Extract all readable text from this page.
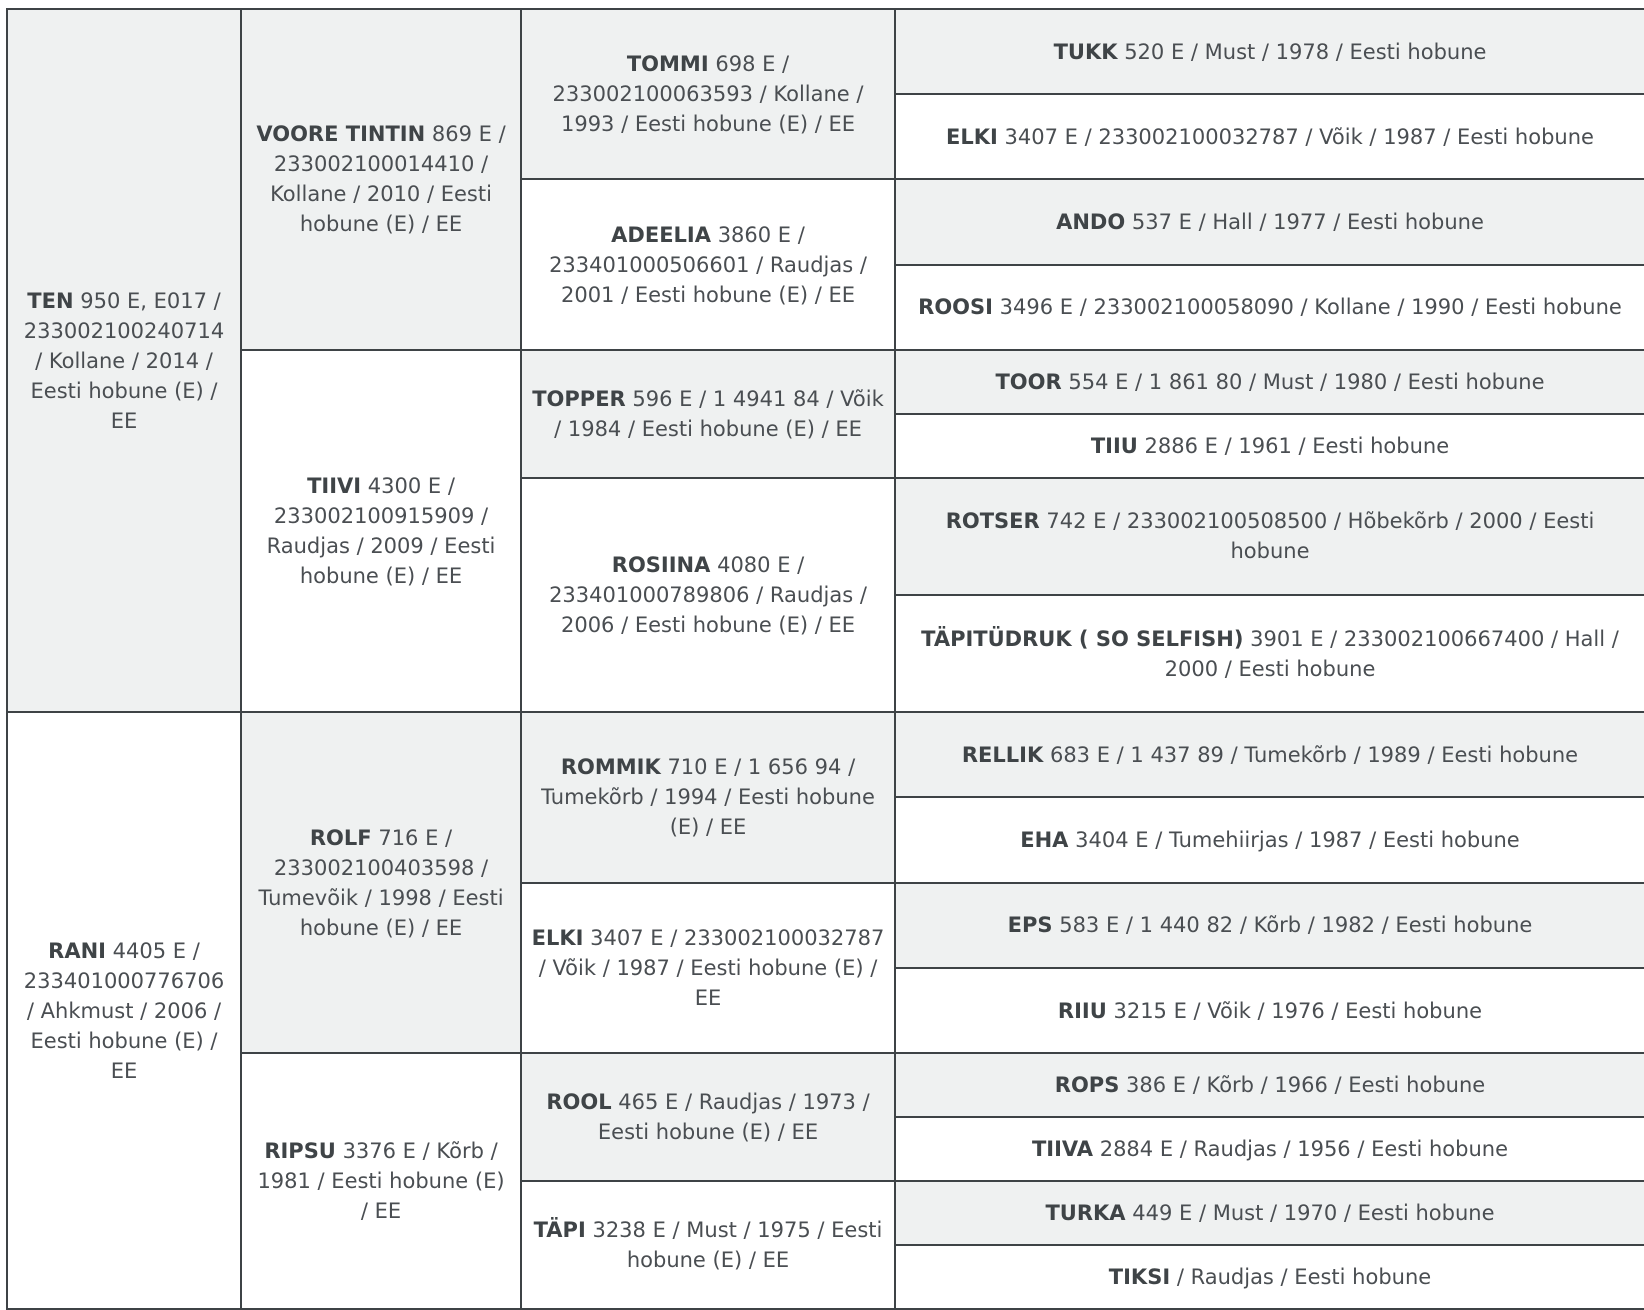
TEN 950 E, E017 / 233002100240714 / Kollane / 2014 / Eesti hobune (E) / EE	VOORE TINTIN 869 E / 233002100014410 / Kollane / 2010 / Eesti hobune (E) / EE	TOMMI 698 E / 233002100063593 / Kollane / 1993 / Eesti hobune (E) / EE	TUKK 520 E / Must / 1978 / Eesti hobune
			ELKI 3407 E / 233002100032787 / Võik / 1987 / Eesti hobune
		ADEELIA 3860 E / 233401000506601 / Raudjas / 2001 / Eesti hobune (E) / EE	ANDO 537 E / Hall / 1977 / Eesti hobune
			ROOSI 3496 E / 233002100058090 / Kollane / 1990 / Eesti hobune
	TIIVI 4300 E / 233002100915909 / Raudjas / 2009 / Eesti hobune (E) / EE	TOPPER 596 E / 1 4941 84 / Võik / 1984 / Eesti hobune (E) / EE	TOOR 554 E / 1 861 80 / Must / 1980 / Eesti hobune
			TIIU 2886 E / 1961 / Eesti hobune
		ROSIINA 4080 E / 233401000789806 / Raudjas / 2006 / Eesti hobune (E) / EE	ROTSER 742 E / 233002100508500 / Hõbekõrb / 2000 / Eesti hobune
			TÄPITÜDRUK ( SO SELFISH) 3901 E / 233002100667400 / Hall / 2000 / Eesti hobune
RANI 4405 E / 233401000776706 / Ahkmust / 2006 / Eesti hobune (E) / EE	ROLF 716 E / 233002100403598 / Tumevõik / 1998 / Eesti hobune (E) / EE	ROMMIK 710 E / 1 656 94 / Tumekõrb / 1994 / Eesti hobune (E) / EE	RELLIK 683 E / 1 437 89 / Tumekõrb / 1989 / Eesti hobune
			EHA 3404 E / Tumehiirjas / 1987 / Eesti hobune
		ELKI 3407 E / 233002100032787 / Võik / 1987 / Eesti hobune (E) / EE	EPS 583 E / 1 440 82 / Kõrb / 1982 / Eesti hobune
			RIIU 3215 E / Võik / 1976 / Eesti hobune
	RIPSU 3376 E / Kõrb / 1981 / Eesti hobune (E) / EE	ROOL 465 E / Raudjas / 1973 / Eesti hobune (E) / EE	ROPS 386 E / Kõrb / 1966 / Eesti hobune
			TIIVA 2884 E / Raudjas / 1956 / Eesti hobune
		TÄPI 3238 E / Must / 1975 / Eesti hobune (E) / EE	TURKA 449 E / Must / 1970 / Eesti hobune
			TIKSI / Raudjas / Eesti hobune
